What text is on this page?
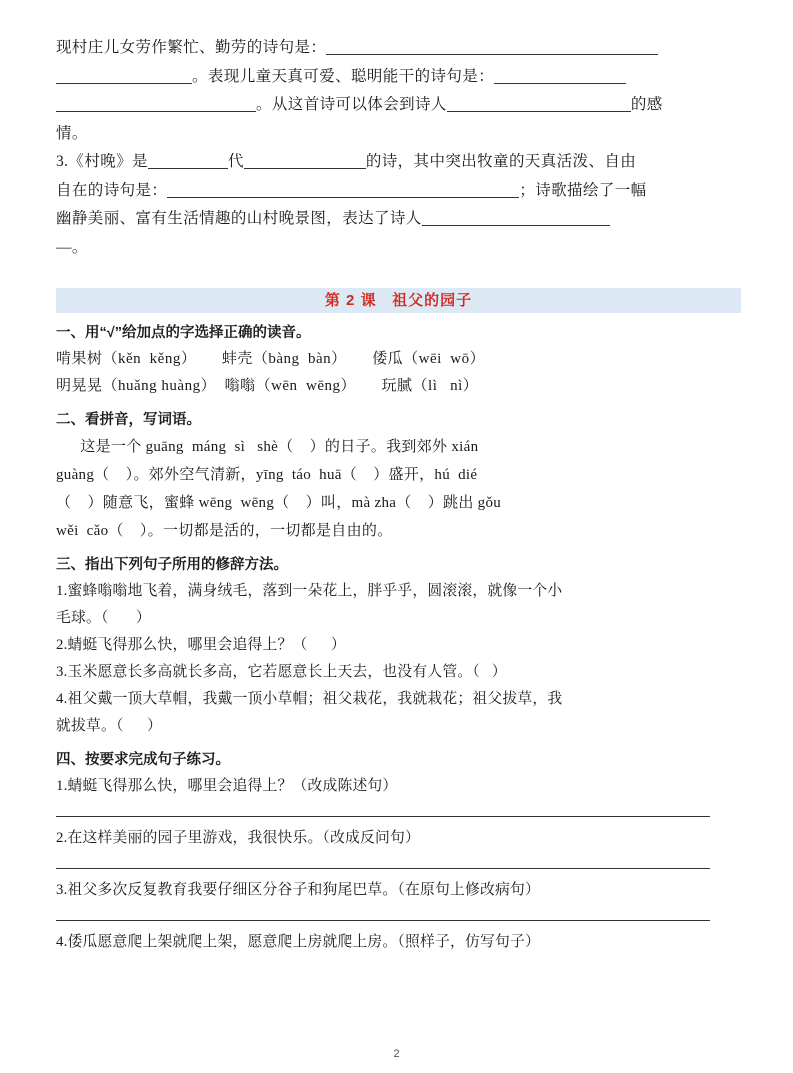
现村庄儿女劳作繁忙、勤劳的诗句是：
。表现儿童天真可爱、聪明能干的诗句是：
。从这首诗可以体会到诗人	的感
情。
3.《村晚》是	代	的诗，其中突出牧童的天真活泼、自由
自在的诗句是：	；诗歌描绘了一幅
幽静美丽、富有生活情趣的山村晚景图，表达了诗人
—。
第 2 课 祖父的园子
一、用“√”给加点的字选择正确的读音。
啃果树（kěn  kěng）      蚌壳（bàng  bàn）      倭瓜（wēi  wō）
明晃晃（huǎng huàng）  嗡嗡（wēn  wēng）      玩腻（lì   nì）
二、看拼音，写词语。
这是一个 guāng  máng  sì   shè（    ）的日子。我到郊外 xián
guàng（    ）。郊外空气清新，yīng  táo  huā（    ）盛开，hú  dié
（    ）随意飞，蜜蜂 wēng  wēng（    ）叫，mà zha（    ）跳出 gǒu
wěi  cǎo（    ）。一切都是活的，一切都是自由的。
三、指出下列句子所用的修辞方法。
1.蜜蜂嗡嗡地飞着，满身绒毛，落到一朵花上，胖乎乎，圆滚滚，就像一个小
毛球。（       ）
2.蜻蜓飞得那么快，哪里会追得上？（      ）
3.玉米愿意长多高就长多高，它若愿意长上天去，也没有人管。（   ）
4.祖父戴一顶大草帽，我戴一顶小草帽；祖父栽花，我就栽花；祖父拔草，我
就拔草。（      ）
四、按要求完成句子练习。
1.蜻蜓飞得那么快，哪里会追得上？（改成陈述句）
2.在这样美丽的园子里游戏，我很快乐。（改成反问句）
3.祖父多次反复教育我要仔细区分谷子和狗尾巴草。（在原句上修改病句）
4.倭瓜愿意爬上架就爬上架，愿意爬上房就爬上房。（照样子，仿写句子）
2
